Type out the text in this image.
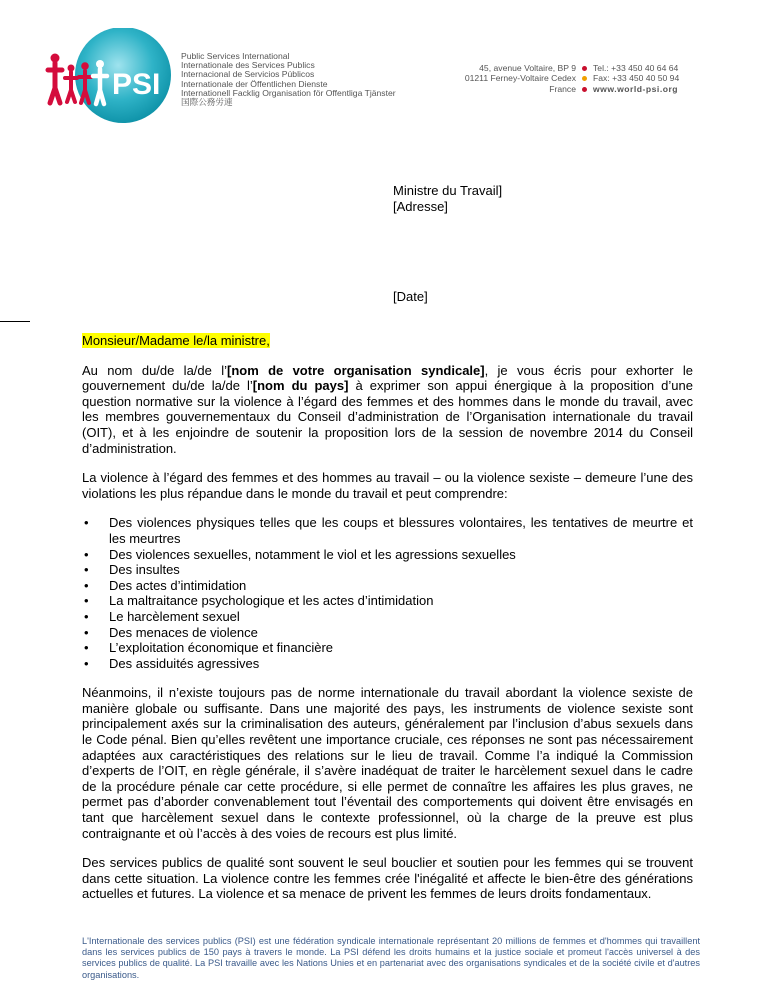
PSI
Public Services International
Internationale des Services Publics
Internacional de Servicios Públicos
Internationale der Öffentlichen Dienste
Internationell Facklig Organisation för Offentliga Tjänster
国際公務労連
45, avenue Voltaire, BP 9 Tel.: +33 450 40 64 64
01211 Ferney-Voltaire Cedex Fax: +33 450 40 50 94
France www.world-psi.org
Ministre du Travail]
[Adresse]
[Date]

Monsieur/Madame le/la ministre,

Au nom du/de la/de l’[nom de votre organisation syndicale], je vous écris pour exhorter le gouvernement du/de la/de l’[nom du pays] à exprimer son appui énergique à la proposition d’une question normative sur la violence à l’égard des femmes et des hommes dans le monde du travail, avec les membres gouvernementaux du Conseil d’administration de l’Organisation internationale du travail (OIT), et à les enjoindre de soutenir la proposition lors de la session de novembre 2014 du Conseil d’administration.

La violence à l’égard des femmes et des hommes au travail – ou la violence sexiste – demeure l’une des violations les plus répandue dans le monde du travail et peut comprendre:

• Des violences physiques telles que les coups et blessures volontaires, les tentatives de meurtre et les meurtres
• Des violences sexuelles, notamment le viol et les agressions sexuelles
• Des insultes
• Des actes d’intimidation
• La maltraitance psychologique et les actes d’intimidation
• Le harcèlement sexuel
• Des menaces de violence
• L’exploitation économique et financière
• Des assiduités agressives

Néanmoins, il n’existe toujours pas de norme internationale du travail abordant la violence sexiste de manière globale ou suffisante. Dans une majorité des pays, les instruments de violence sexiste sont principalement axés sur la criminalisation des auteurs, généralement par l’inclusion d’abus sexuels dans le Code pénal. Bien qu’elles revêtent une importance cruciale, ces réponses ne sont pas nécessairement adaptées aux caractéristiques des relations sur le lieu de travail. Comme l’a indiqué la Commission d’experts de l’OIT, en règle générale, il s’avère inadéquat de traiter le harcèlement sexuel dans le cadre de la procédure pénale car cette procédure, si elle permet de connaître les affaires les plus graves, ne permet pas d’aborder convenablement tout l’éventail des comportements qui doivent être envisagés en tant que harcèlement sexuel dans le contexte professionnel, où la charge de la preuve est plus contraignante et où l’accès à des voies de recours est plus limité.

Des services publics de qualité sont souvent le seul bouclier et soutien pour les femmes qui se trouvent dans cette situation. La violence contre les femmes crée l'inégalité et affecte le bien-être des générations actuelles et futures. La violence et sa menace de privent les femmes de leurs droits fondamentaux.

L'Internationale des services publics (PSI) est une fédération syndicale internationale représentant 20 millions de femmes et d'hommes qui travaillent dans les services publics de 150 pays à travers le monde. La PSI défend les droits humains et la justice sociale et promeut l'accès universel à des services publics de qualité. La PSI travaille avec les Nations Unies et en partenariat avec des organisations syndicales et de la société civile et d'autres organisations.
